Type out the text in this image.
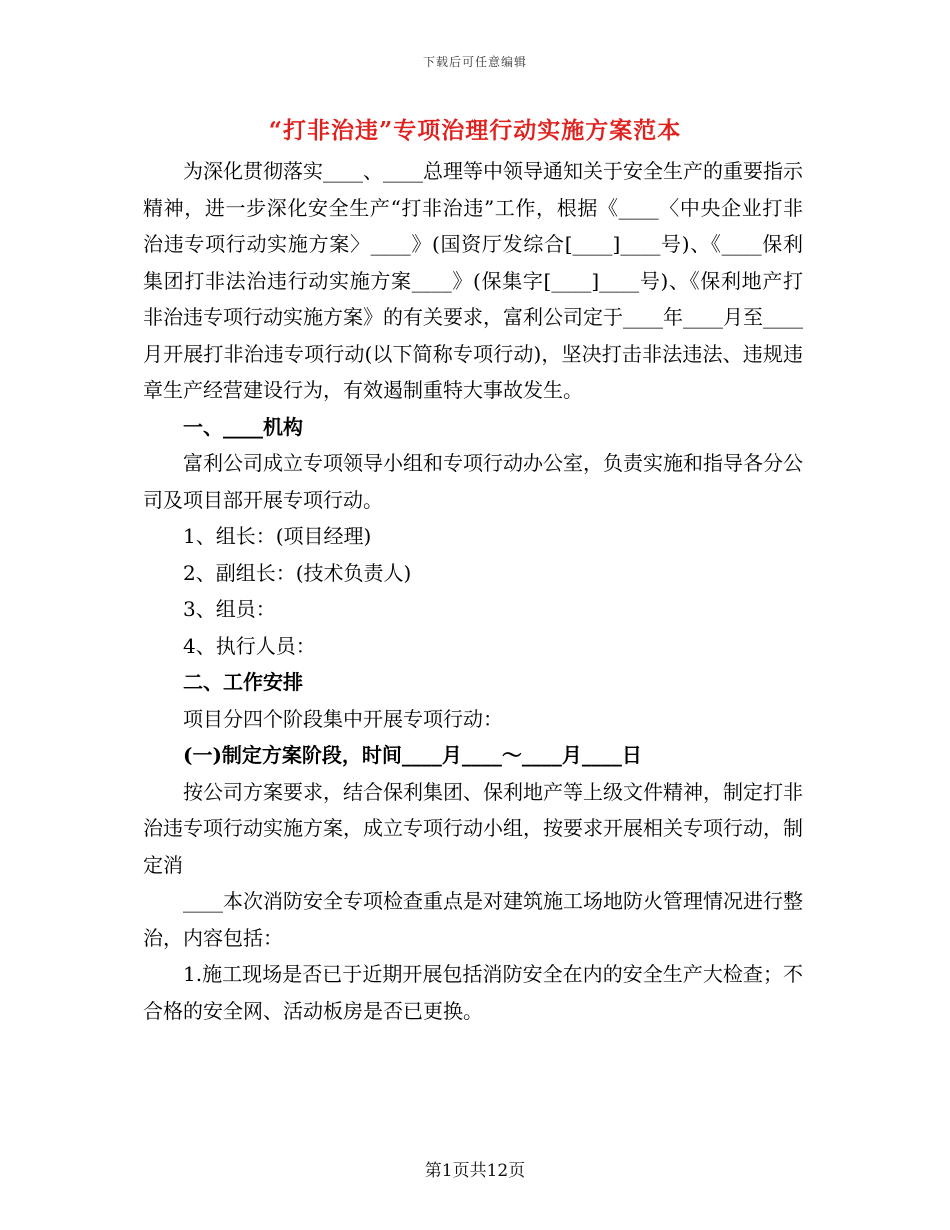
下载后可任意编辑
“打非治违”专项治理行动实施方案范本

为深化贯彻落实____、____总理等中领导通知关于安全生产的重要指示精神，进一步深化安全生产“打非治违”工作，根据《____〈中央企业打非治违专项行动实施方案〉____》(国资厅发综合[____]____号)、《____保利集团打非法治违行动实施方案____》(保集字[____]____号)、《保利地产打非治违专项行动实施方案》的有关要求，富利公司定于____年____月至____月开展打非治违专项行动(以下简称专项行动)，坚决打击非法违法、违规违章生产经营建设行为，有效遏制重特大事故发生。

一、____机构

富利公司成立专项领导小组和专项行动办公室，负责实施和指导各分公司及项目部开展专项行动。

1、组长：(项目经理)

2、副组长：(技术负责人)

3、组员：

4、执行人员：

二、工作安排

项目分四个阶段集中开展专项行动：

(一)制定方案阶段，时间____月____～____月____日

按公司方案要求，结合保利集团、保利地产等上级文件精神，制定打非治违专项行动实施方案，成立专项行动小组，按要求开展相关专项行动，制定消

____本次消防安全专项检查重点是对建筑施工场地防火管理情况进行整治，内容包括：

1.施工现场是否已于近期开展包括消防安全在内的安全生产大检查；不合格的安全网、活动板房是否已更换。

第1页共12页
